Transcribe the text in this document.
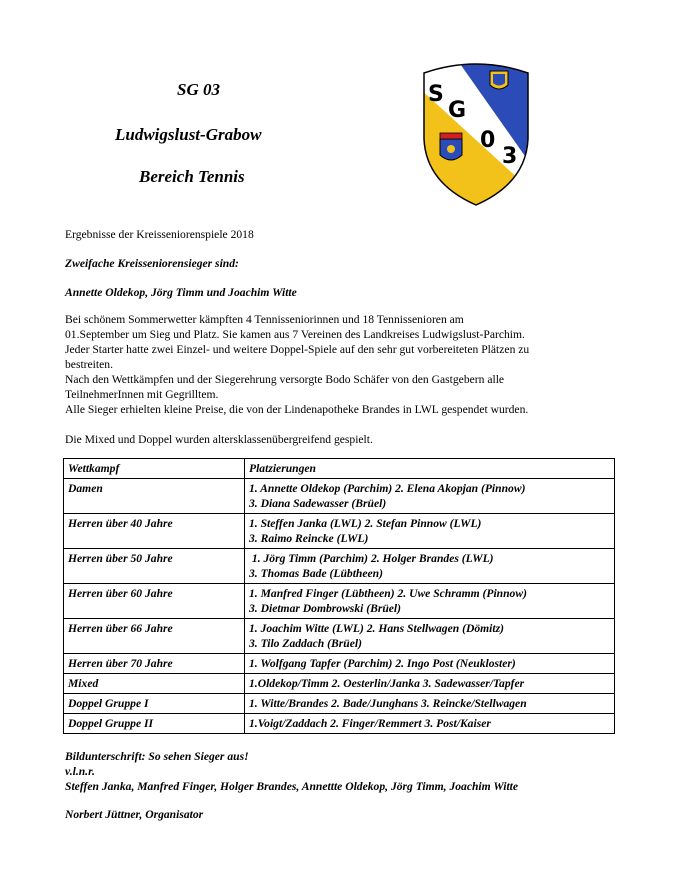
SG 03
Ludwigslust-Grabow
Bereich Tennis
S
G
0
3
Ergebnisse der Kreisseniorenspiele 2018
Zweifache Kreisseniorensieger sind:
Annette Oldekop, Jörg Timm und Joachim Witte
Bei schönem Sommerwetter kämpften 4 Tennisseniorinnen und 18 Tennissenioren am
01.September um Sieg und Platz. Sie kamen aus 7 Vereinen des Landkreises Ludwigslust-Parchim.
Jeder Starter hatte zwei Einzel- und weitere Doppel-Spiele auf den sehr gut vorbereiteten Plätzen zu
bestreiten.
Nach den Wettkämpfen und der Siegerehrung versorgte Bodo Schäfer von den Gastgebern alle
TeilnehmerInnen mit Gegrilltem.
Alle Sieger erhielten kleine Preise, die von der Lindenapotheke Brandes in LWL gespendet wurden.
Die Mixed und Doppel wurden altersklassenübergreifend gespielt.
Wettkampf	Platzierungen
Damen	1. Annette Oldekop (Parchim) 2. Elena Akopjan (Pinnow)
3. Diana Sadewasser (Brüel)

Herren über 40 Jahre	1. Steffen Janka (LWL) 2. Stefan Pinnow (LWL)
3. Raimo Reincke (LWL)

Herren über 50 Jahre	1. Jörg Timm (Parchim) 2. Holger Brandes (LWL)
3. Thomas Bade (Lübtheen)

Herren über 60 Jahre	1. Manfred Finger (Lübtheen) 2. Uwe Schramm (Pinnow)
3. Dietmar Dombrowski (Brüel)

Herren über 66 Jahre	1. Joachim Witte (LWL) 2. Hans Stellwagen (Dömitz)
3. Tilo Zaddach (Brüel)

Herren über 70 Jahre	1. Wolfgang Tapfer (Parchim) 2. Ingo Post (Neukloster)

Mixed	1.Oldekop/Timm 2. Oesterlin/Janka 3. Sadewasser/Tapfer

Doppel Gruppe I	1. Witte/Brandes 2. Bade/Junghans 3. Reincke/Stellwagen

Doppel Gruppe II	1.Voigt/Zaddach 2. Finger/Remmert 3. Post/Kaiser
Bildunterschrift: So sehen Sieger aus!
v.l.n.r.
Steffen Janka, Manfred Finger, Holger Brandes, Annettte Oldekop, Jörg Timm, Joachim Witte
Norbert Jüttner, Organisator
